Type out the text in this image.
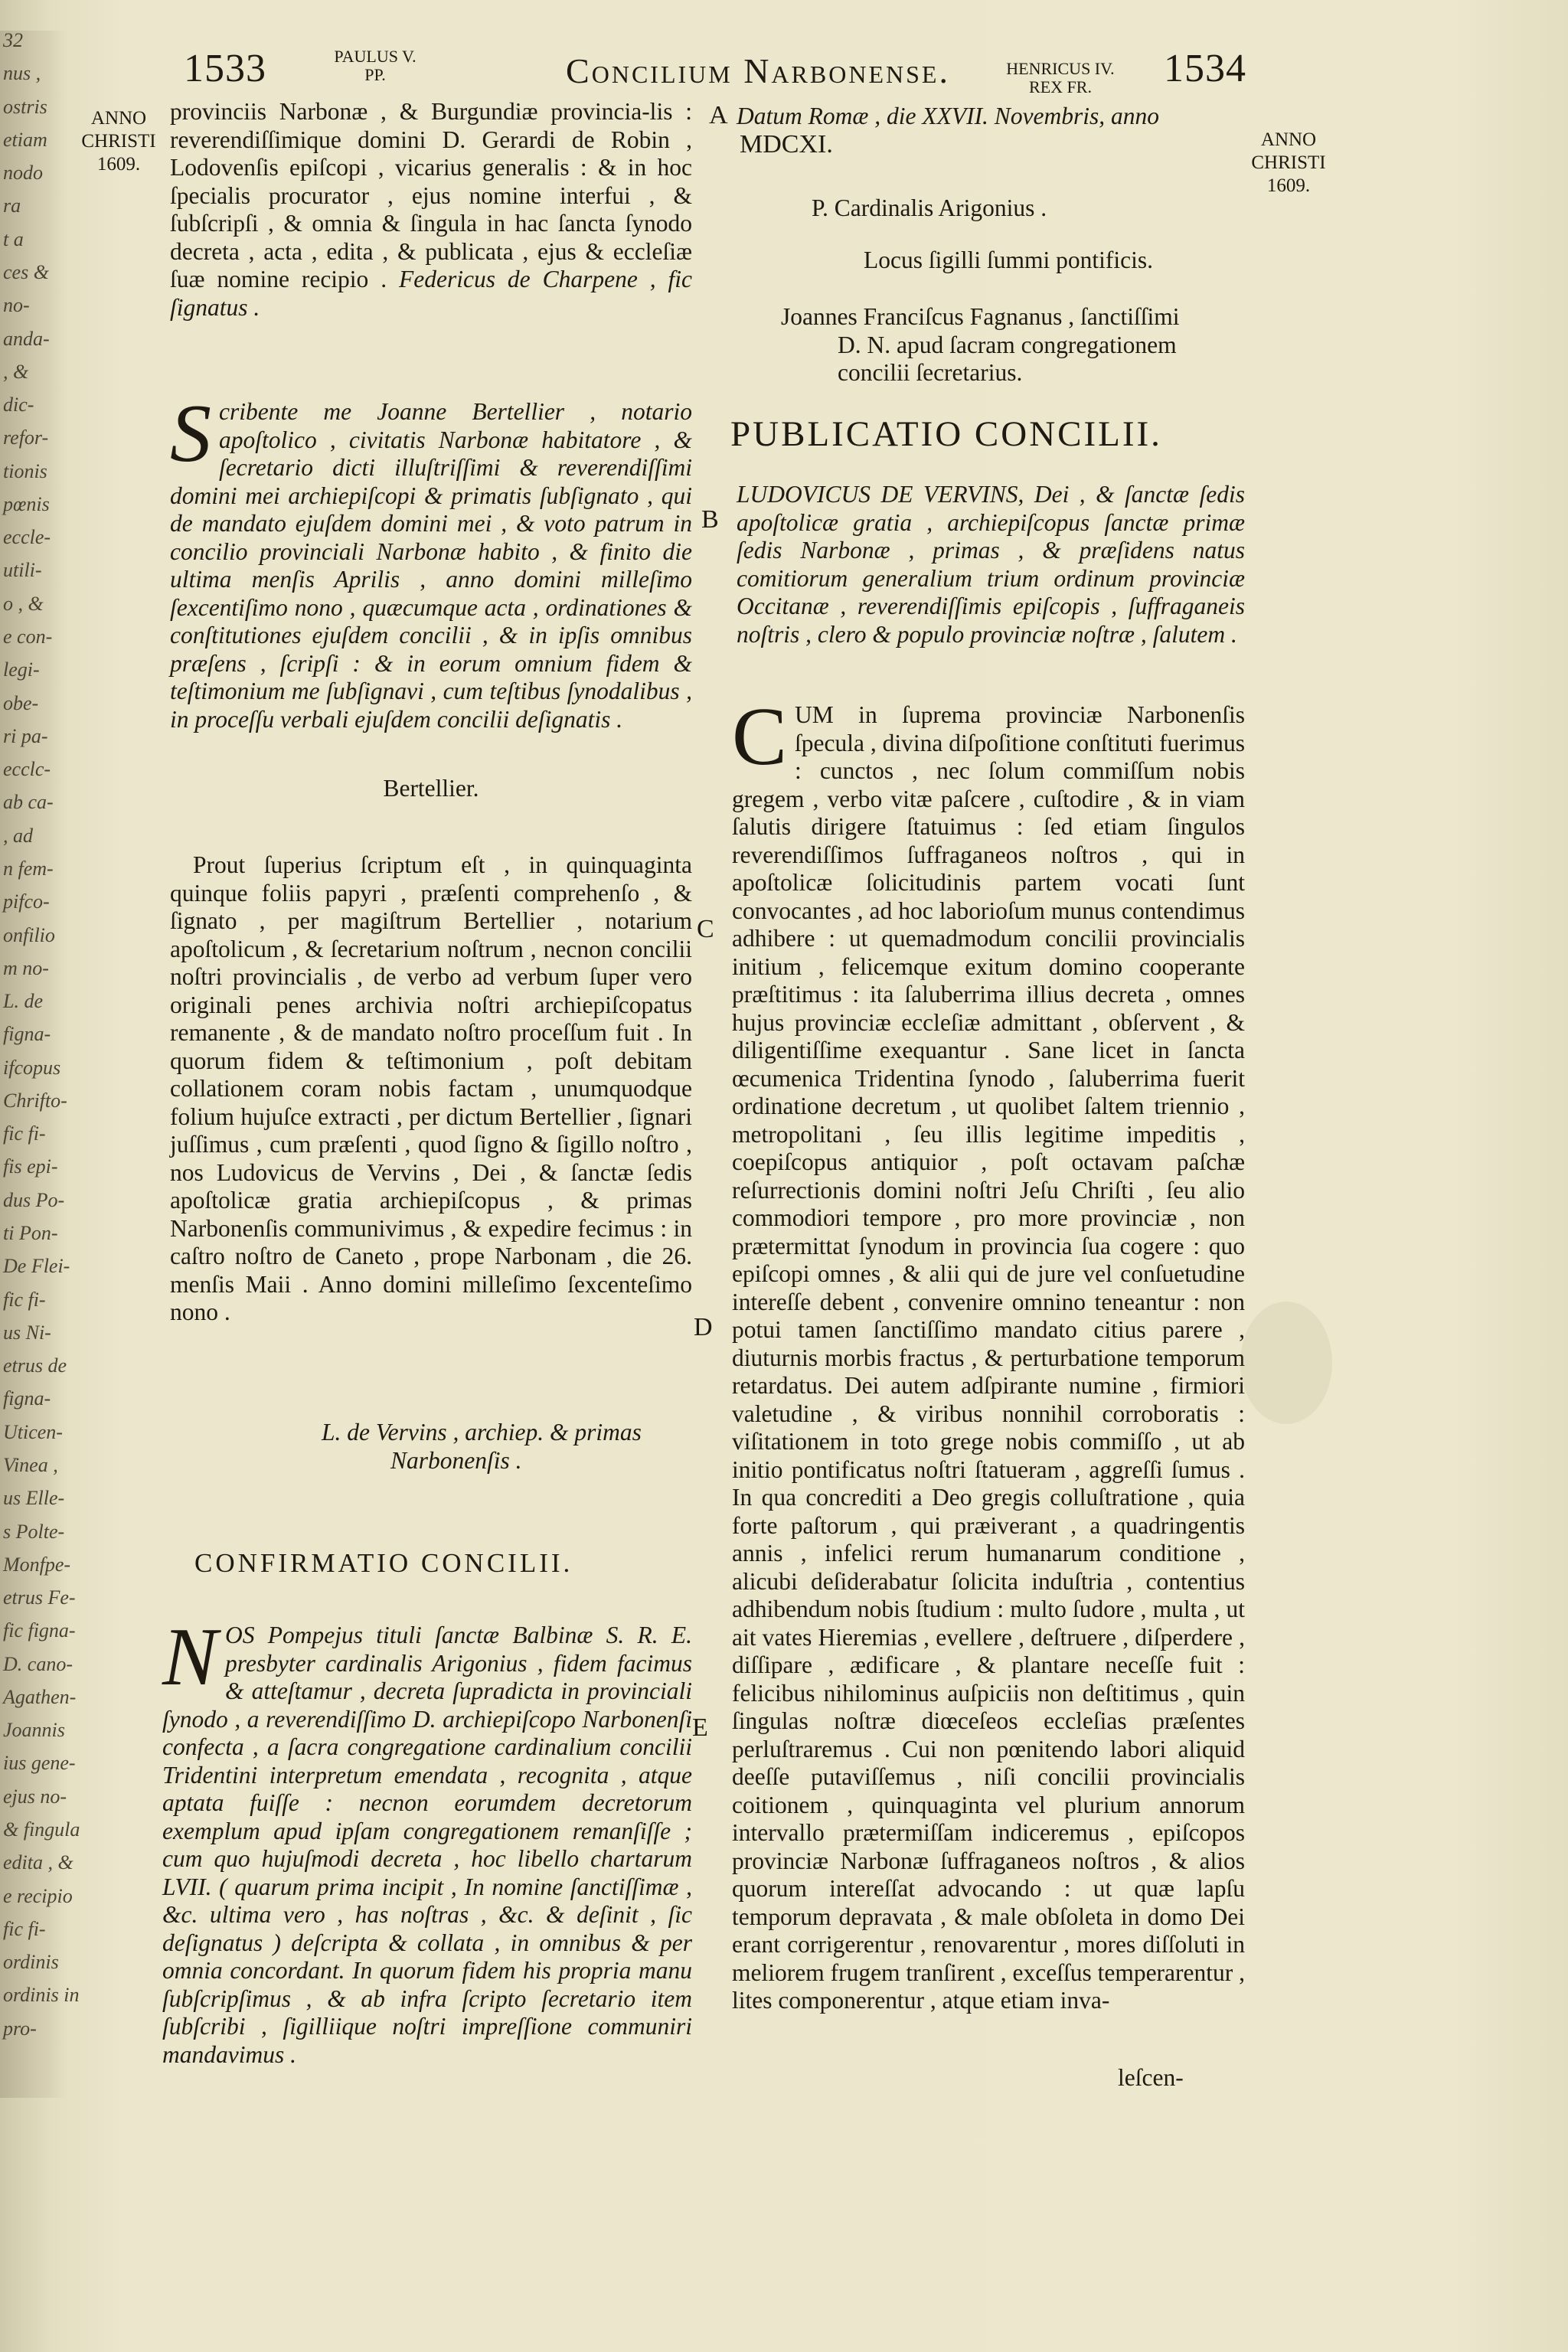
32
nus ,
ostris
etiam
nodo
ra
t a
ces &
no-
anda-
, &
dic-
refor-
tionis
pœnis
eccle-
utili-
o , &
e con-
legi-
obe-
ri pa-
ecclc-
ab ca-
, ad
n fem-
pifco-
onfilio
m no-
L. de
figna-
ifcopus
Chrifto-
fic fi-
fis epi-
dus Po-
ti Pon-
De Flei-
fic fi-
us Ni-
etrus de
figna-
Uticen-
Vinea ,
us Elle-
s Polte-
Monfpe-
etrus Fe-
fic figna-
D. cano-
Agathen-
Joannis
ius gene-
ejus no-
& fingula
edita , &
e recipio
fic fi-
ordinis
ordinis in
pro-
1533	PAULUS V.
PP.	Concilium Narbonense.	HENRICUS IV.
REX FR.	1534
ANNO
CHRISTI
1609.
ANNO
CHRISTI
1609.
A
B
C
D
E

provinciis Narbonæ , & Burgundiæ provincia-lis : reverendiſſimique domini D. Gerardi de Robin , Lodovenſis epiſcopi , vicarius generalis : & in hoc ſpecialis procurator , ejus nomine interfui , & ſubſcripſi , & omnia & ſingula in hac ſancta ſynodo decreta , acta , edita , & publicata , ejus & eccleſiæ ſuæ nomine recipio . Federicus de Charpene , fic ſignatus .

Scribente me Joanne Bertellier , notario apoſtolico , civitatis Narbonæ habitatore , & ſecretario dicti illuſtriſſimi & reverendiſſimi domini mei archiepiſcopi & primatis ſubſignato , qui de mandato ejuſdem domini mei , & voto patrum in concilio provinciali Narbonæ habito , & finito die ultima menſis Aprilis , anno domini milleſimo ſexcentiſimo nono , quæcumque acta , ordinationes & conſtitutiones ejuſdem concilii , & in ipſis omnibus præſens , ſcripſi : & in eorum omnium fidem & teſtimonium me ſubſignavi , cum teſtibus ſynodalibus , in proceſſu verbali ejuſdem concilii deſignatis .

Bertellier.
Prout ſuperius ſcriptum eſt , in quinquaginta quinque foliis papyri , præſenti comprehenſo , & ſignato , per magiſtrum Bertellier , notarium apoſtolicum , & ſecretarium noſtrum , necnon concilii noſtri provincialis , de verbo ad verbum ſuper vero originali penes archivia noſtri archiepiſcopatus remanente , & de mandato noſtro proceſſum fuit . In quorum fidem & teſtimonium , poſt debitam collationem coram nobis factam , unumquodque folium hujuſce extracti , per dictum Bertellier , ſignari juſſimus , cum præſenti , quod ſigno & ſigillo noſtro , nos Ludovicus de Vervins , Dei , & ſanctæ ſedis apoſtolicæ gratia archiepiſcopus , & primas Narbonenſis communivimus , & expedire fecimus : in caſtro noſtro de Caneto , prope Narbonam , die 26. menſis Maii . Anno domini milleſimo ſexcenteſimo nono .
L. de Vervins , archiep. & primas
Narbonenſis .
CONFIRMATIO CONCILII.

NOS Pompejus tituli ſanctæ Balbinæ S. R. E. presbyter cardinalis Arigonius , fidem facimus & atteſtamur , decreta ſupradicta in provinciali ſynodo , a reverendiſſimo D. archiepiſcopo Narbonenſi confecta , a ſacra congregatione cardinalium concilii Tridentini interpretum emendata , recognita , atque aptata fuiſſe : necnon eorumdem decretorum exemplum apud ipſam congregationem remanſiſſe ; cum quo hujuſmodi decreta , hoc libello chartarum LVII. ( quarum prima incipit , In nomine ſanctiſſimæ , &c. ultima vero , has noſtras , &c. & deſinit , ſic deſignatus ) deſcripta & collata , in omnibus & per omnia concordant. In quorum fidem his propria manu ſubſcripſimus , & ab infra ſcripto ſecretario item ſubſcribi , ſigilliique noſtri impreſſione communiri mandavimus .

Datum Romæ , die XXVII. Novembris, anno
MDCXI.
P. Cardinalis Arigonius .
Locus ſigilli ſummi pontificis.
Joannes Franciſcus Fagnanus , ſanctiſſimi
D. N. apud ſacram congregationem
concilii ſecretarius.
PUBLICATIO CONCILII.
LUDOVICUS DE VERVINS, Dei , & ſanctæ ſedis apoſtolicæ gratia , archiepiſcopus ſanctæ primæ ſedis Narbonæ , primas , & præſidens natus comitiorum generalium trium ordinum provinciæ Occitanæ , reverendiſſimis epiſcopis , ſuffraganeis noſtris , clero & populo provinciæ noſtræ , ſalutem .

CUM in ſuprema provinciæ Narbonenſis ſpecula , divina diſpoſitione conſtituti fuerimus : cunctos , nec ſolum commiſſum nobis gregem , verbo vitæ paſcere , cuſtodire , & in viam ſalutis dirigere ſtatuimus : ſed etiam ſingulos reverendiſſimos ſuffraganeos noſtros , qui in apoſtolicæ ſolicitudinis partem vocati ſunt convocantes , ad hoc laborioſum munus contendimus adhibere : ut quemadmodum concilii provincialis initium , felicemque exitum domino cooperante præſtitimus : ita ſaluberrima illius decreta , omnes hujus provinciæ eccleſiæ admittant , obſervent , & diligentiſſime exequantur . Sane licet in ſancta œcumenica Tridentina ſynodo , ſaluberrima fuerit ordinatione decretum , ut quolibet ſaltem triennio , metropolitani , ſeu illis legitime impeditis , coepiſcopus antiquior , poſt octavam paſchæ reſurrectionis domini noſtri Jeſu Chriſti , ſeu alio commodiori tempore , pro more provinciæ , non prætermittat ſynodum in provincia ſua cogere : quo epiſcopi omnes , & alii qui de jure vel conſuetudine intereſſe debent , convenire omnino teneantur : non potui tamen ſanctiſſimo mandato citius parere , diuturnis morbis fractus , & perturbatione temporum retardatus. Dei autem adſpirante numine , firmiori valetudine , & viribus nonnihil corroboratis : viſitationem in toto grege nobis commiſſo , ut ab initio pontificatus noſtri ſtatueram , aggreſſi ſumus . In qua concrediti a Deo gregis colluſtratione , quia forte paſtorum , qui præiverant , a quadringentis annis , infelici rerum humanarum conditione , alicubi deſiderabatur ſolicita induſtria , contentius adhibendum nobis ſtudium : multo ſudore , multa , ut ait vates Hieremias , evellere , deſtruere , diſperdere , diſſipare , ædificare , & plantare neceſſe fuit : felicibus nihilominus auſpiciis non deſtitimus , quin ſingulas noſtræ diœceſeos eccleſias præſentes perluſtraremus . Cui non pœnitendo labori aliquid deeſſe putaviſſemus , niſi concilii provincialis coitionem , quinquaginta vel plurium annorum intervallo prætermiſſam indiceremus , epiſcopos provinciæ Narbonæ ſuffraganeos noſtros , & alios quorum intereſſat advocando : ut quæ lapſu temporum depravata , & male obſoleta in domo Dei erant corrigerentur , renovarentur , mores diſſoluti in meliorem frugem tranſirent , exceſſus temperarentur , lites componerentur , atque etiam inva-

leſcen-
